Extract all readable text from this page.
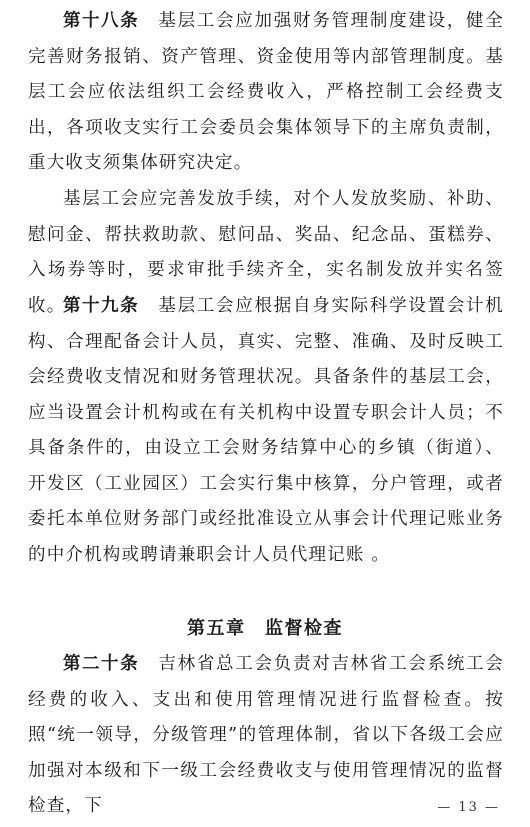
第十八条　 基层工会应加强财务管理制度建设，健全完善财务报销、资产管理、资金使用等内部管理制度。基层工会应依法组织工会经费收入，严格控制工会经费支出，各项收支实行工会委员会集体领导下的主席负责制，重大收支须集体研究决定。

基层工会应完善发放手续，对个人发放奖励、补助、慰问金、帮扶救助款、慰问品、奖品、纪念品、蛋糕券、入场券等时，要求审批手续齐全，实名制发放并实名签收。

第十九条　 基层工会应根据自身实际科学设置会计机构、合理配备会计人员，真实、完整、准确、及时反映工会经费收支情况和财务管理状况。具备条件的基层工会，应当设置会计机构或在有关机构中设置专职会计人员；不具备条件的，由设立工会财务结算中心的乡镇（街道）、开发区（工业园区）工会实行集中核算，分户管理，或者委托本单位财务部门或经批准设立从事会计代理记账业务的中介机构或聘请兼职会计人员代理记账 。

第五章　监督检查

第二十条　 吉林省总工会负责对吉林省工会系统工会经费的收入、支出和使用管理情况进行监督检查。按照“统一领导，分级管理”的管理体制，省以下各级工会应加强对本级和下一级工会经费收支与使用管理情况的监督检查，下	— 13 —
